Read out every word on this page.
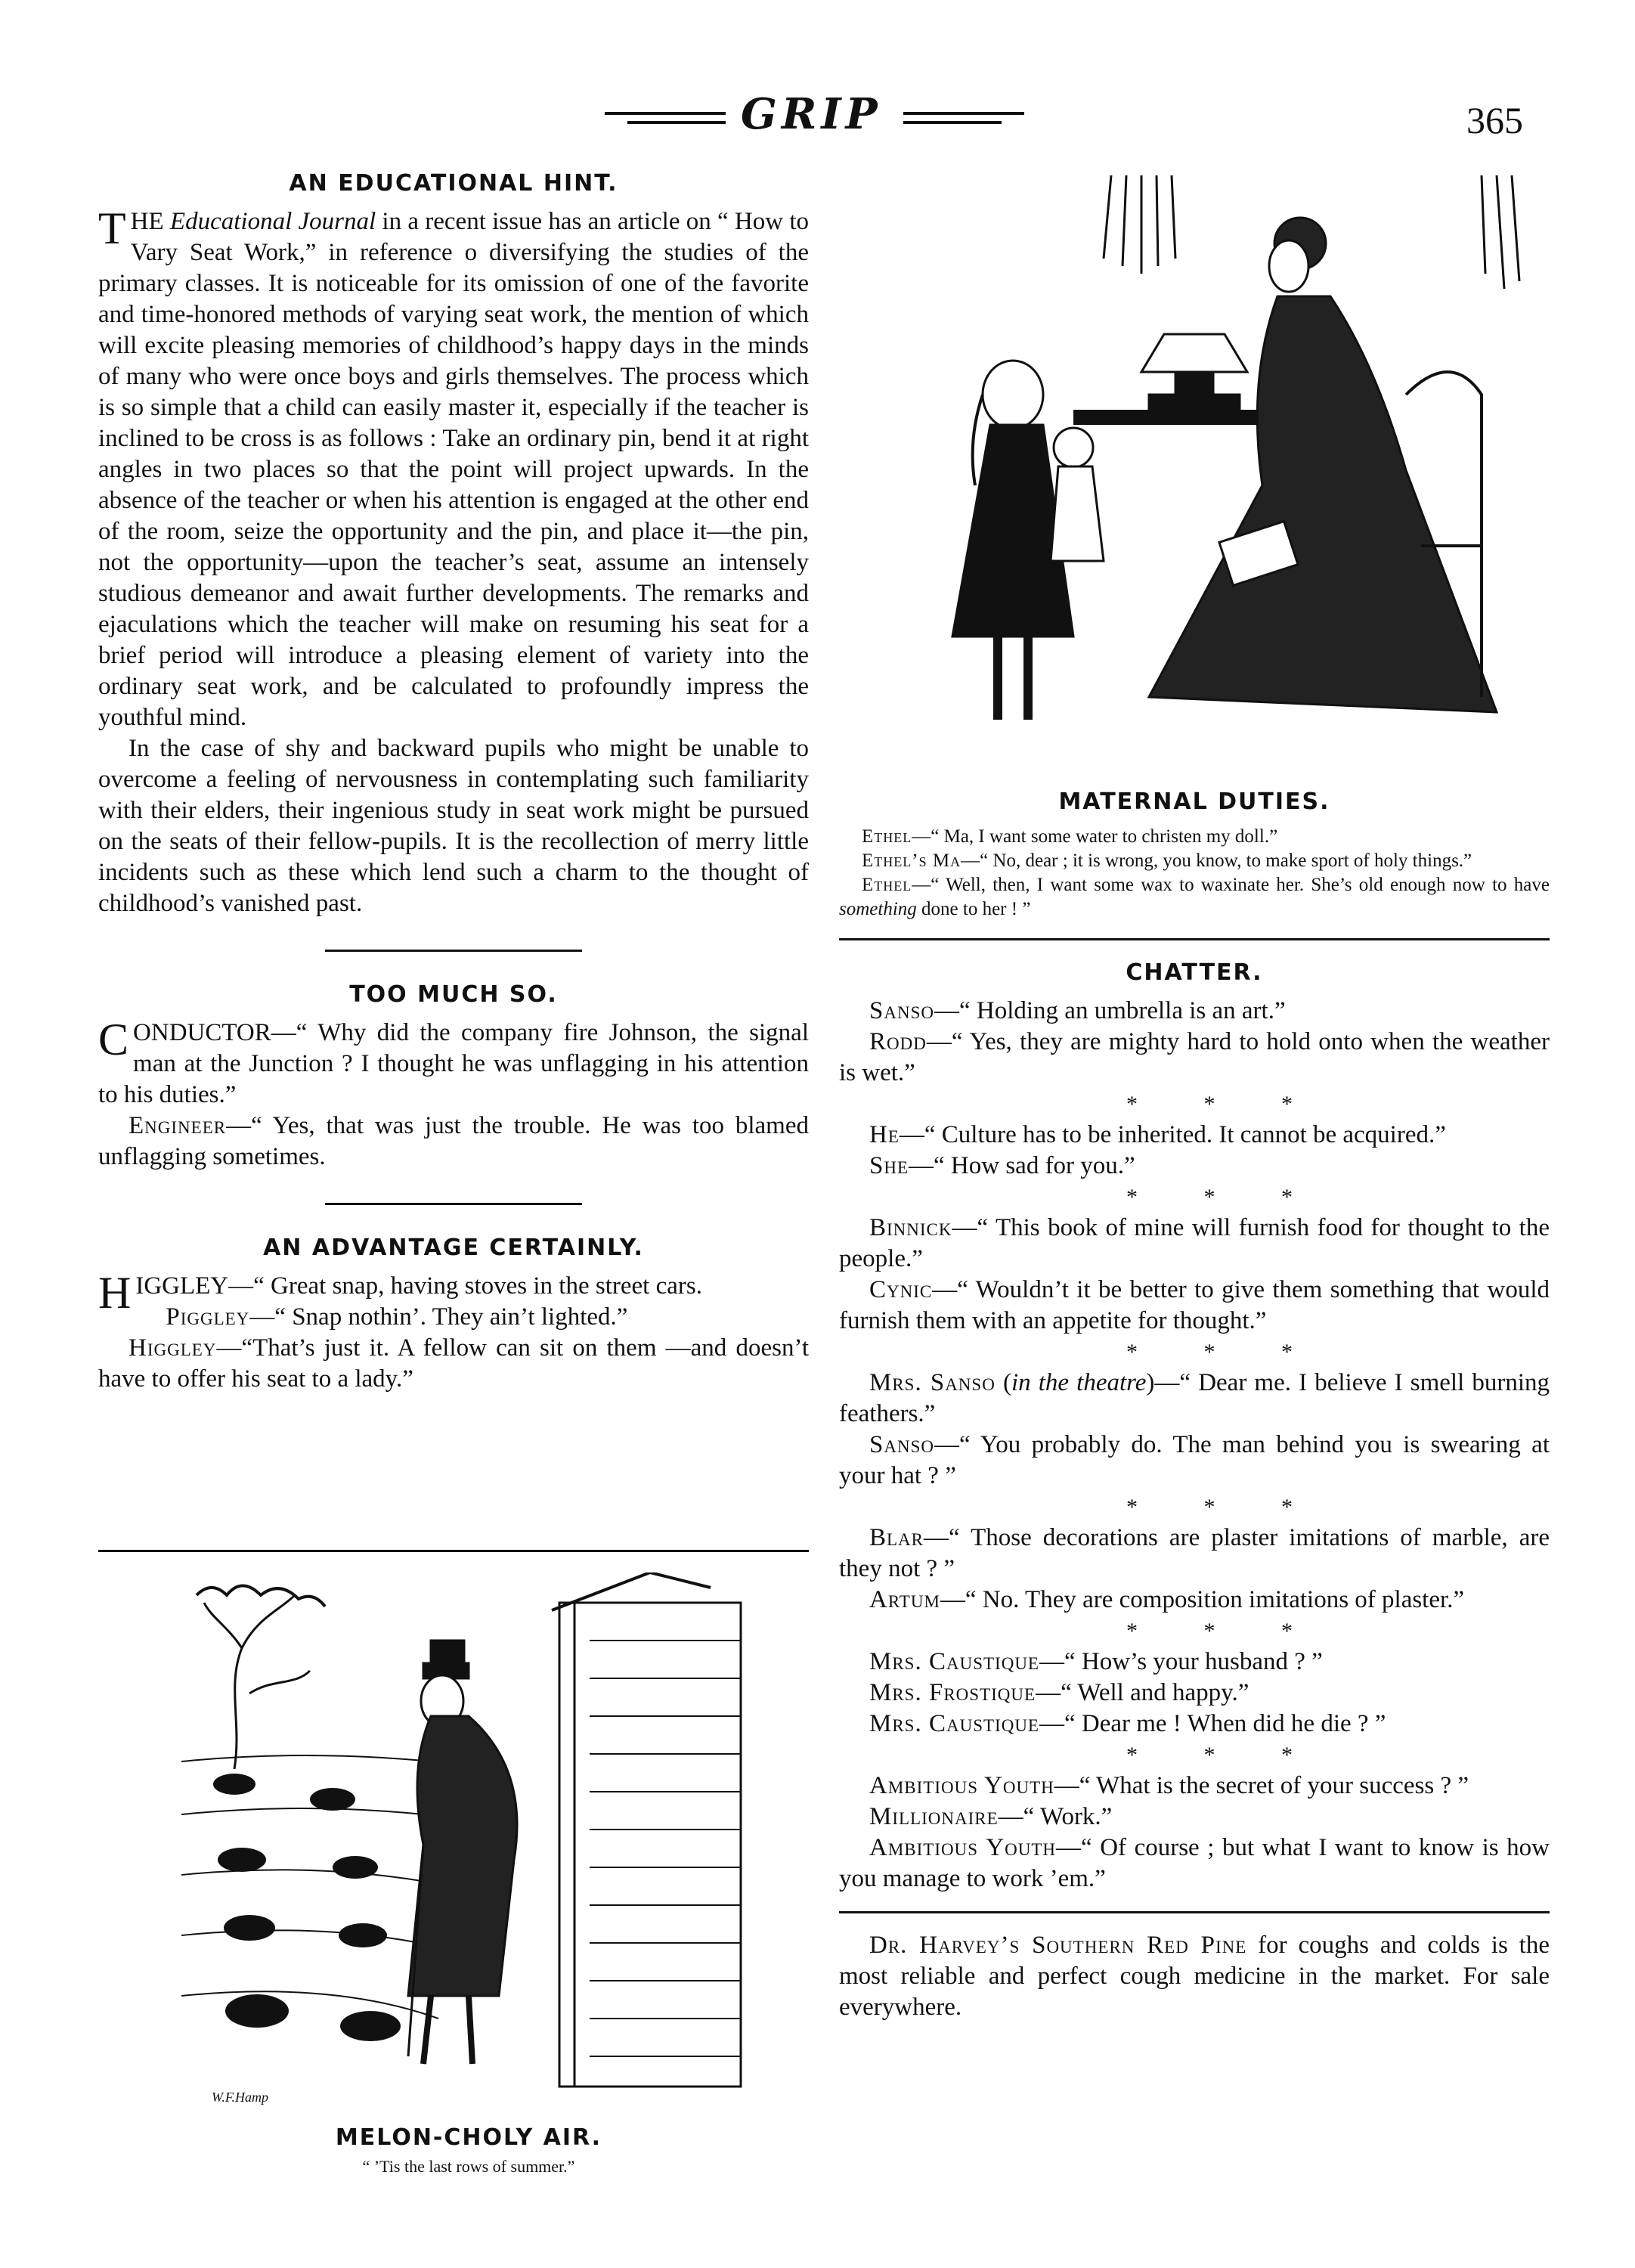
GRIP	365
AN EDUCATIONAL HINT.

THE Educational Journal in a recent issue has an article on “ How to Vary Seat Work,” in reference o diversifying the studies of the primary classes. It is noticeable for its omission of one of the favorite and time-honored methods of varying seat work, the mention of which will excite pleasing memories of childhood’s happy days in the minds of many who were once boys and girls themselves. The process which is so simple that a child can easily master it, especially if the teacher is inclined to be cross is as follows : Take an ordinary pin, bend it at right angles in two places so that the point will project upwards. In the absence of the teacher or when his attention is engaged at the other end of the room, seize the opportunity and the pin, and place it—the pin, not the opportunity—upon the teacher’s seat, assume an intensely studious demeanor and await further developments. The remarks and ejaculations which the teacher will make on resuming his seat for a brief period will introduce a pleasing element of variety into the ordinary seat work, and be calculated to profoundly impress the youthful mind.

In the case of shy and backward pupils who might be unable to overcome a feeling of nervousness in contemplating such familiarity with their elders, their ingenious study in seat work might be pursued on the seats of their fellow-pupils. It is the recollection of merry little incidents such as these which lend such a charm to the thought of childhood’s vanished past.

TOO MUCH SO.

CONDUCTOR—“ Why did the company fire Johnson, the signal man at the Junction ? I thought he was unflagging in his attention to his duties.”

Engineer—“ Yes, that was just the trouble. He was too blamed unflagging sometimes.

AN ADVANTAGE CERTAINLY.

HIGGLEY—“ Great snap, having stoves in the street cars.

Piggley—“ Snap nothin’. They ain’t lighted.”

Higgley—“That’s just it. A fellow can sit on them —and doesn’t have to offer his seat to a lady.”

W.F.Hamp
MELON-CHOLY AIR.
“ ’Tis the last rows of summer.”
MATERNAL DUTIES.

Ethel—“ Ma, I want some water to christen my doll.”

Ethel’s Ma—“ No, dear ; it is wrong, you know, to make sport of holy things.”

Ethel—“ Well, then, I want some wax to waxinate her. She’s old enough now to have something done to her ! ”

CHATTER.

Sanso—“ Holding an umbrella is an art.”

Rodd—“ Yes, they are mighty hard to hold onto when the weather is wet.”

* * *

He—“ Culture has to be inherited. It cannot be acquired.”

She—“ How sad for you.”

* * *

Binnick—“ This book of mine will furnish food for thought to the people.”

Cynic—“ Wouldn’t it be better to give them something that would furnish them with an appetite for thought.”

* * *

Mrs. Sanso (in the theatre)—“ Dear me. I believe I smell burning feathers.”

Sanso—“ You probably do. The man behind you is swearing at your hat ? ”

* * *

Blar—“ Those decorations are plaster imitations of marble, are they not ? ”

Artum—“ No. They are composition imitations of plaster.”

* * *

Mrs. Caustique—“ How’s your husband ? ”

Mrs. Frostique—“ Well and happy.”

Mrs. Caustique—“ Dear me ! When did he die ? ”

* * *

Ambitious Youth—“ What is the secret of your success ? ”

Millionaire—“ Work.”

Ambitious Youth—“ Of course ; but what I want to know is how you manage to work ’em.”

Dr. Harvey’s Southern Red Pine for coughs and colds is the most reliable and perfect cough medicine in the market. For sale everywhere.
